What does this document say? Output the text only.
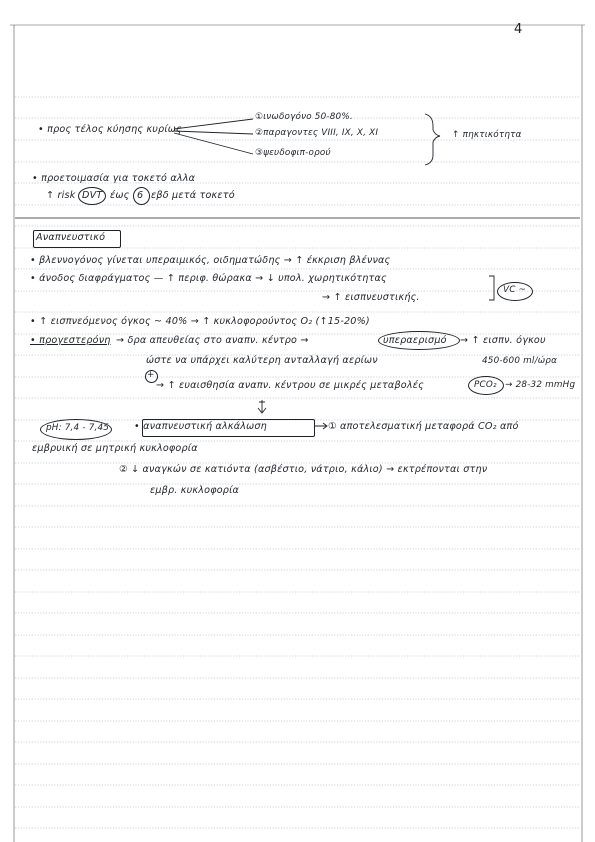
4
• προς τέλος κύησης κυρίως
①ινωδογόνο 50-80%.
②παραγοντες VIII, IX, X, XI
③ψευδοφιπ-ορού
↑ πηκτικότητα
• προετοιμασία για τοκετό αλλα
↑ risk DVT έως 6 εβδ μετά τοκετό
Αναπνευστικό
• βλεννογόνος γίνεται υπεραιμικός, οιδηματώδης → ↑ έκκριση βλέννας
• άνοδος διαφράγματος — ↑ περιφ. θώρακα → ↓ υπολ. χωρητικότητας
→ ↑ εισπνευστικής.
VC ~
• ↑ εισπνεόμενος όγκος ~ 40% → ↑ κυκλοφορούντος O₂ (↑15-20%)
• προγεστερόνη → δρα απευθείας στο αναπν. κέντρο →	υπεραερισμό → ↑ εισπν. όγκου
ώστε να υπάρχει καλύτερη ανταλλαγή αερίων	450-600 ml/ώρα
+
→ ↑ ευαισθησία αναπν. κέντρου σε μικρές μεταβολές	PCO₂ → 28-32 mmHg
pH: 7,4 - 7,45	• αναπνευστική αλκάλωση	① αποτελεσματική μεταφορά CO₂ από
εμβρυική σε μητρική κυκλοφορία
② ↓ αναγκών σε κατιόντα (ασβέστιο, νάτριο, κάλιο) → εκτρέπονται στην
εμβρ. κυκλοφορία
